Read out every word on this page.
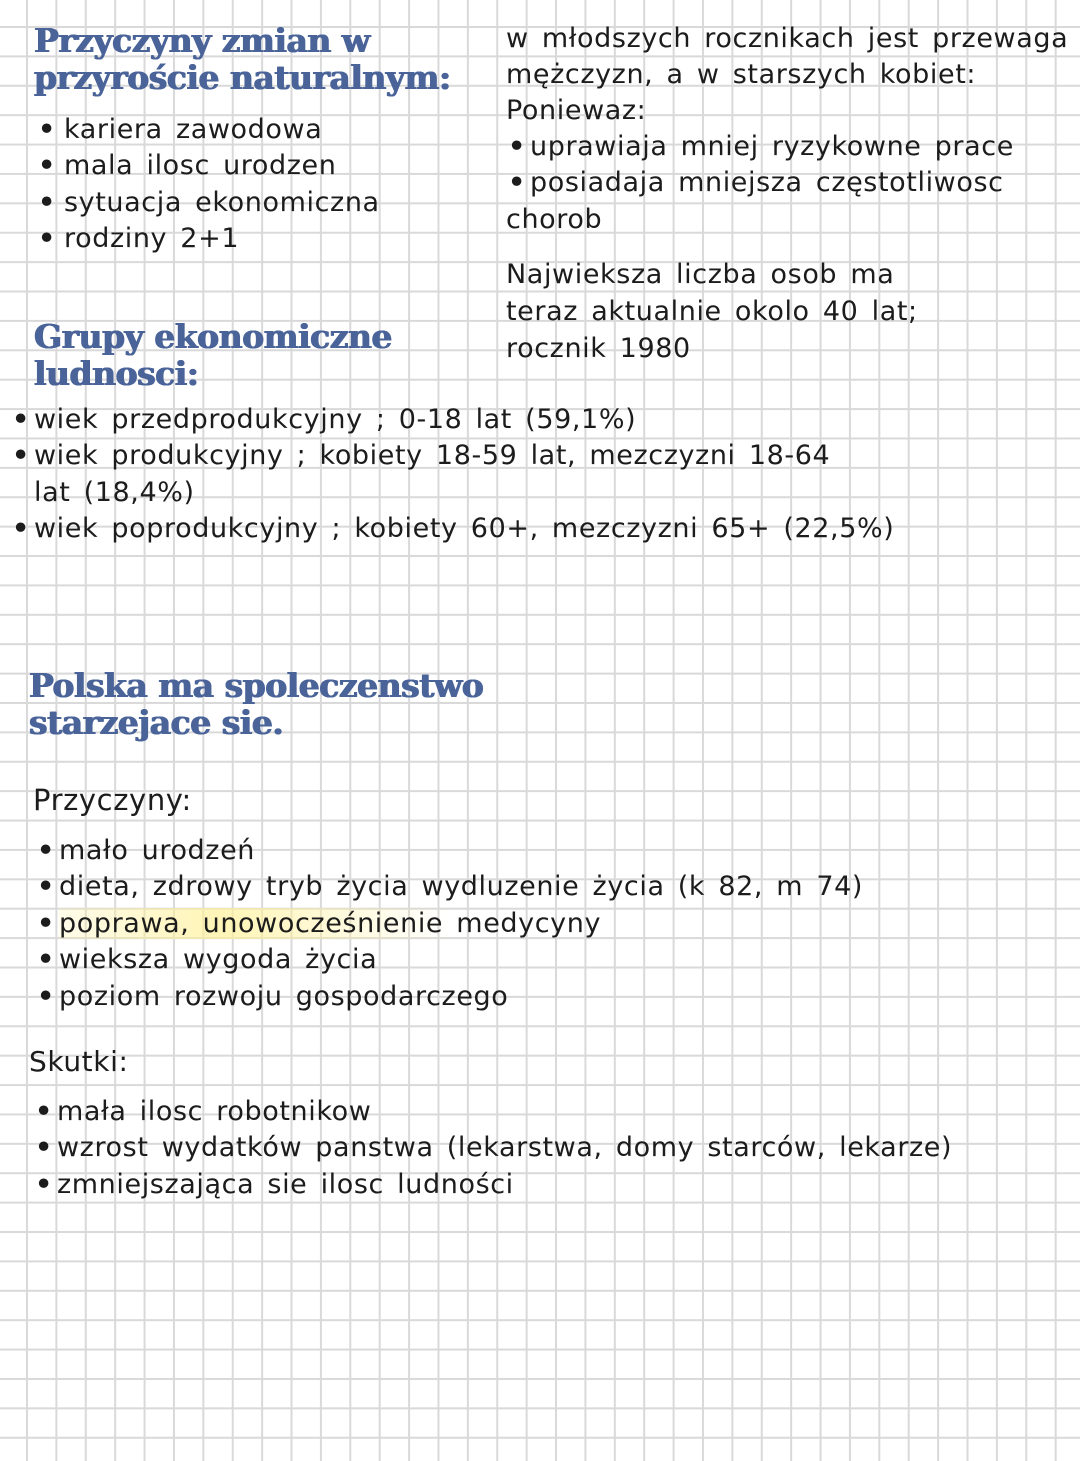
Przyczyny zmian w
przyroście naturalnym:
• kariera zawodowa
• mala ilosc urodzen
• sytuacja ekonomiczna
• rodziny 2+1

w młodszych rocznikach jest przewaga

mężczyzn, a w starszych kobiet:

Poniewaz:

• uprawiaja mniej ryzykowne prace
• posiadaja mniejsza częstotliwosc

chorob

Najwieksza liczba osob ma

teraz aktualnie okolo 40 lat;

rocznik 1980

Grupy ekonomiczne
ludnosci:
• wiek przedprodukcyjny ; 0-18 lat (59,1%)
• wiek produkcyjny ; kobiety 18-59 lat, mezczyzni 18-64
lat (18,4%)
• wiek poprodukcyjny ; kobiety 60+, mezczyzni 65+ (22,5%)
Polska ma spoleczenstwo
starzejace sie.

Przyczyny:

• mało urodzeń
• dieta, zdrowy tryb życia wydluzenie życia (k 82, m 74)
• poprawa, unowocześnienie medycyny
• wieksza wygoda życia
• poziom rozwoju gospodarczego

Skutki:

• mała ilosc robotnikow
• wzrost wydatków panstwa (lekarstwa, domy starców, lekarze)
• zmniejszająca sie ilosc ludności
